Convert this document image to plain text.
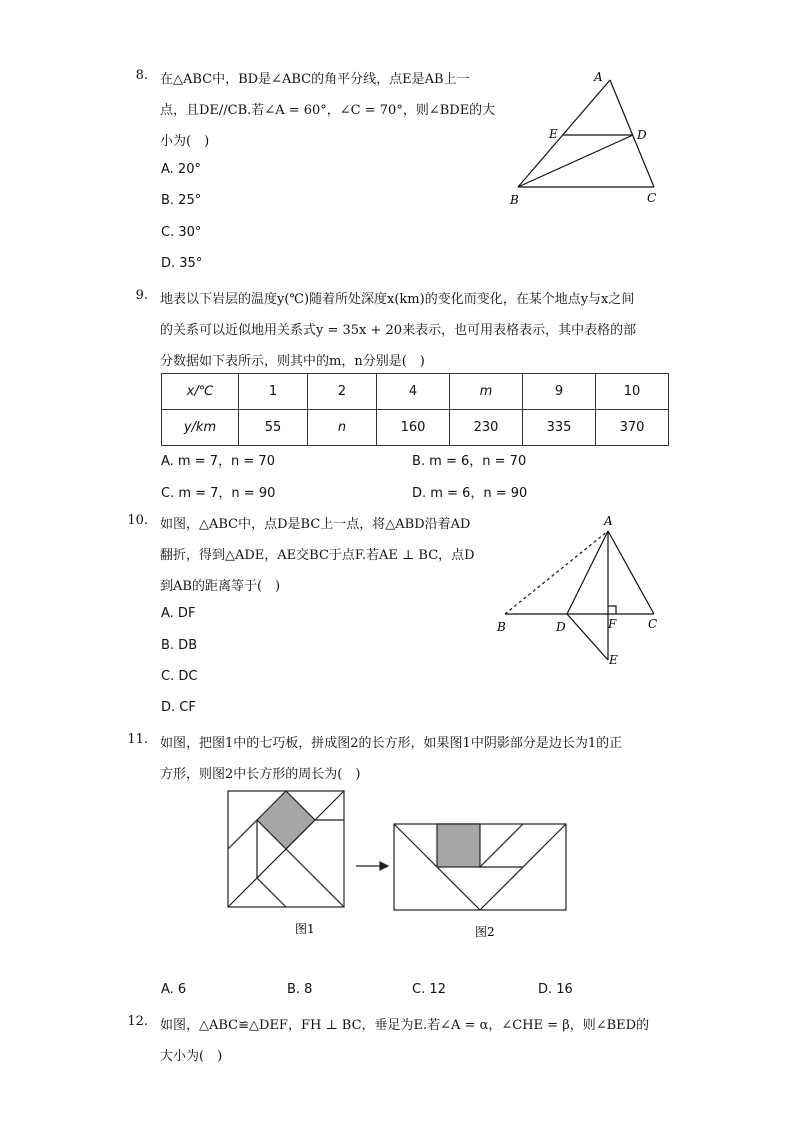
8. 在△ABC中，BD是∠ABC的角平分线，点E是AB上一
点，且DE//CB.若∠A = 60°，∠C = 70°，则∠BDE的大
小为(　)
A. 20°
B. 25°
C. 30°
D. 35°
A
E	D
B	C
9. 地表以下岩层的温度y(℃)随着所处深度x(km)的变化而变化，在某个地点y与x之间
的关系可以近似地用关系式y = 35x + 20来表示，也可用表格表示，其中表格的部
分数据如下表所示，则其中的m，n分别是(　)
x/℃	1	2	4	m	9	10
y/km	55	n	160	230	335	370
A. m = 7，n = 70	B. m = 6，n = 70
C. m = 7，n = 90	D. m = 6，n = 90
10. 如图，△ABC中，点D是BC上一点，将△ABD沿着AD
翻折，得到△ADE，AE交BC于点F.若AE ⊥ BC，点D
到AB的距离等于(　)
A. DF
B. DB
C. DC
D. CF
A
B	D	F	C
E
11. 如图，把图1中的七巧板，拼成图2的长方形，如果图1中阴影部分是边长为1的正
方形，则图2中长方形的周长为(　)
图1	图2
A. 6	B. 8	C. 12	D. 16
12. 如图，△ABC≌△DEF，FH ⊥ BC，垂足为E.若∠A = α，∠CHE = β，则∠BED的
大小为(　)
